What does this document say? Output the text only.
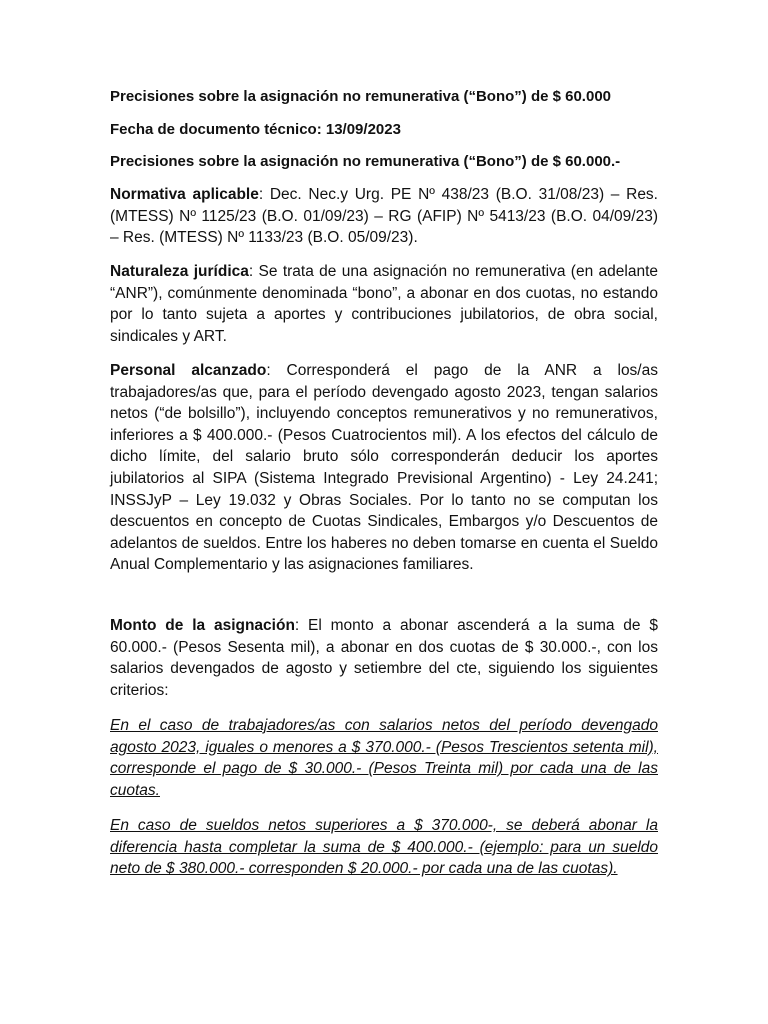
Precisiones sobre la asignación no remunerativa (“Bono”) de $ 60.000
Fecha de documento técnico: 13/09/2023
Precisiones sobre la asignación no remunerativa (“Bono”) de $ 60.000.-
Normativa aplicable: Dec. Nec.y Urg. PE Nº 438/23 (B.O. 31/08/23) – Res. (MTESS) Nº 1125/23 (B.O. 01/09/23) – RG (AFIP) Nº 5413/23 (B.O. 04/09/23) – Res. (MTESS) Nº 1133/23 (B.O. 05/09/23).
Naturaleza jurídica: Se trata de una asignación no remunerativa (en adelante “ANR”), comúnmente denominada “bono”, a abonar en dos cuotas, no estando por lo tanto sujeta a aportes y contribuciones jubilatorios, de obra social, sindicales y ART.
Personal alcanzado: Corresponderá el pago de la ANR a los/as trabajadores/as que, para el período devengado agosto 2023, tengan salarios netos (“de bolsillo”), incluyendo conceptos remunerativos y no remunerativos, inferiores a $ 400.000.- (Pesos Cuatrocientos mil). A los efectos del cálculo de dicho límite, del salario bruto sólo corresponderán deducir los aportes jubilatorios al SIPA (Sistema Integrado Previsional Argentino) - Ley 24.241; INSSJyP – Ley 19.032 y Obras Sociales. Por lo tanto no se computan los descuentos en concepto de Cuotas Sindicales, Embargos y/o Descuentos de adelantos de sueldos. Entre los haberes no deben tomarse en cuenta el Sueldo Anual Complementario y las asignaciones familiares.
Monto de la asignación: El monto a abonar ascenderá a la suma de $ 60.000.- (Pesos Sesenta mil), a abonar en dos cuotas de $ 30.000.-, con los salarios devengados de agosto y setiembre del cte, siguiendo los siguientes criterios:
En el caso de trabajadores/as con salarios netos del período devengado agosto 2023, iguales o menores a $ 370.000.- (Pesos Trescientos setenta mil), corresponde el pago de $ 30.000.- (Pesos Treinta mil) por cada una de las cuotas.
En caso de sueldos netos superiores a $ 370.000-, se deberá abonar la diferencia hasta completar la suma de $ 400.000.- (ejemplo: para un sueldo neto de $ 380.000.- corresponden $ 20.000.- por cada una de las cuotas).
